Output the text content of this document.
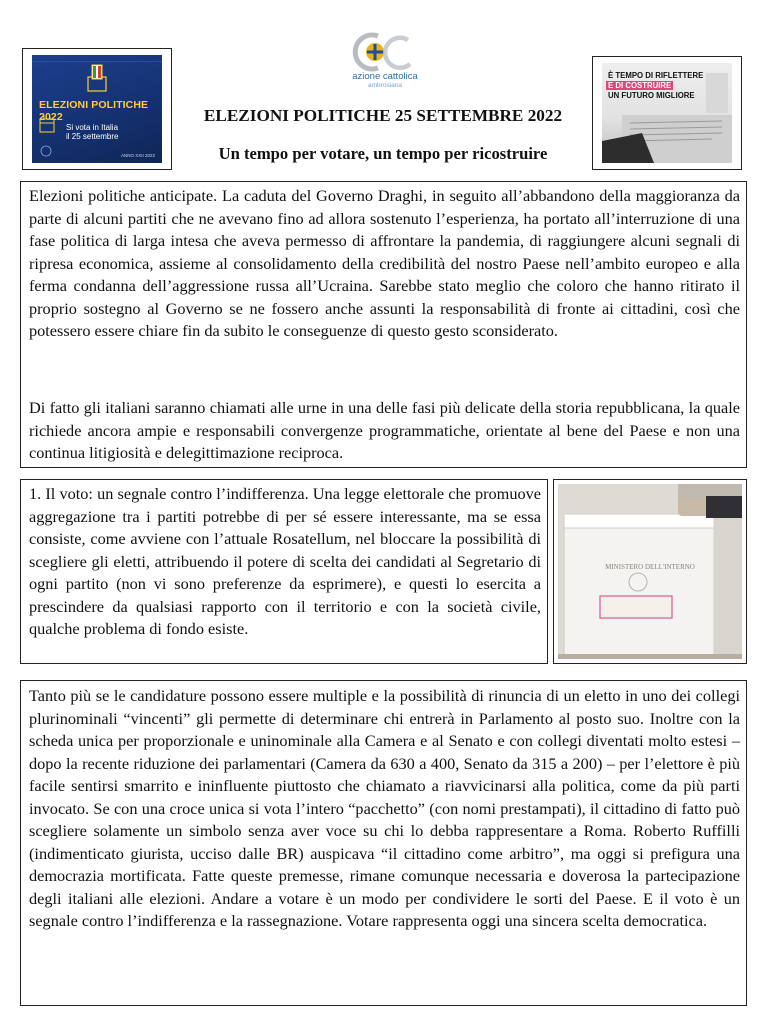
ELEZIONI POLITICHE 2022
Si vota in Italia
il 25 settembre
ANNO XXII 2022
azione cattolica
ambrosiana
ELEZIONI POLITICHE 25 SETTEMBRE 2022
Un tempo per votare, un tempo per ricostruire
È TEMPO DI RIFLETTERE
E DI COSTRUIRE
UN FUTURO MIGLIORE

Elezioni politiche anticipate. La caduta del Governo Draghi, in seguito all’abbandono della maggioranza da parte di alcuni partiti che ne avevano fino ad allora sostenuto l’esperienza, ha portato all’interruzione di una fase politica di larga intesa che aveva permesso di affrontare la pandemia, di raggiungere alcuni segnali di ripresa economica, assieme al consolidamento della credibilità del nostro Paese nell’ambito europeo e alla ferma condanna dell’aggressione russa all’Ucraina. Sarebbe stato meglio che coloro che hanno ritirato il proprio sostegno al Governo se ne fossero anche assunti la responsabilità di fronte ai cittadini, così che potessero essere chiare fin da subito le conseguenze di questo gesto sconsiderato.

Di fatto gli italiani saranno chiamati alle urne in una delle fasi più delicate della storia repubblicana, la quale richiede ancora ampie e responsabili convergenze programmatiche, orientate al bene del Paese e non una continua litigiosità e delegittimazione reciproca.

1. Il voto: un segnale contro l’indifferenza. Una legge elettorale che promuove aggregazione tra i partiti potrebbe di per sé essere interessante, ma se essa consiste, come avviene con l’attuale Rosatellum, nel bloccare la possibilità di scegliere gli eletti, attribuendo il potere di scelta dei candidati al Segretario di ogni partito (non vi sono preferenze da esprimere), e questi lo esercita a prescindere da qualsiasi rapporto con il territorio e con la società civile, qualche problema di fondo esiste.

MINISTERO DELL'INTERNO

Tanto più se le candidature possono essere multiple e la possibilità di rinuncia di un eletto in uno dei collegi plurinominali “vincenti” gli permette di determinare chi entrerà in Parlamento al posto suo. Inoltre con la scheda unica per proporzionale e uninominale alla Camera e al Senato e con collegi diventati molto estesi – dopo la recente riduzione dei parlamentari (Camera da 630 a 400, Senato da 315 a 200) – per l’elettore è più facile sentirsi smarrito e ininfluente piuttosto che chiamato a riavvicinarsi alla politica, come da più parti invocato. Se con una croce unica si vota l’intero “pacchetto” (con nomi prestampati), il cittadino di fatto può scegliere solamente un simbolo senza aver voce su chi lo debba rappresentare a Roma. Roberto Ruffilli (indimenticato giurista, ucciso dalle BR) auspicava “il cittadino come arbitro”, ma oggi si prefigura una democrazia mortificata. Fatte queste premesse, rimane comunque necessaria e doverosa la partecipazione degli italiani alle elezioni. Andare a votare è un modo per condividere le sorti del Paese. E il voto è un segnale contro l’indifferenza e la rassegnazione. Votare rappresenta oggi una sincera scelta democratica.
